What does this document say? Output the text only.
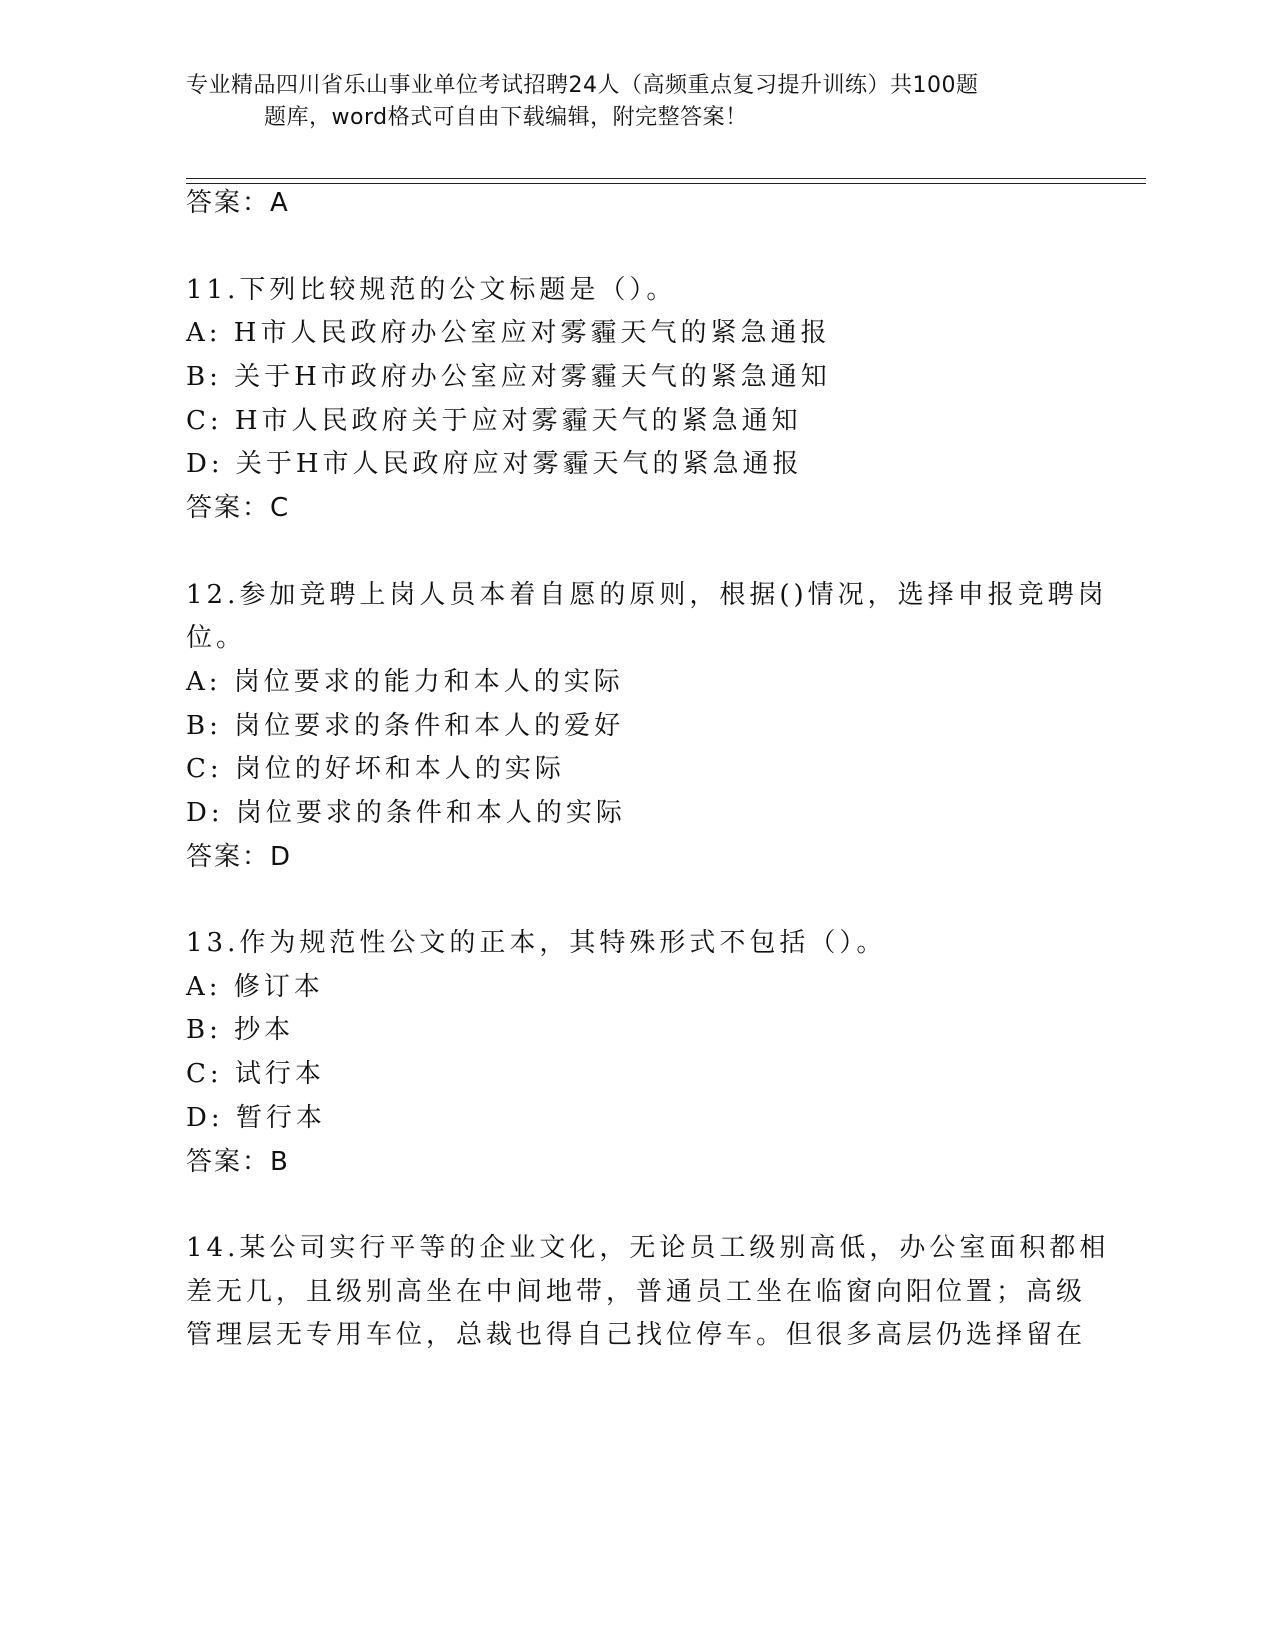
专业精品四川省乐山事业单位考试招聘24人（高频重点复习提升训练）共100题
题库，word格式可自由下载编辑，附完整答案！
答案：A
11.下列比较规范的公文标题是（）。
A: H市人民政府办公室应对雾霾天气的紧急通报
B: 关于H市政府办公室应对雾霾天气的紧急通知
C: H市人民政府关于应对雾霾天气的紧急通知
D: 关于H市人民政府应对雾霾天气的紧急通报
答案：C
12.参加竞聘上岗人员本着自愿的原则，根据()情况，选择申报竞聘岗
位。
A: 岗位要求的能力和本人的实际
B: 岗位要求的条件和本人的爱好
C: 岗位的好坏和本人的实际
D: 岗位要求的条件和本人的实际
答案：D
13.作为规范性公文的正本，其特殊形式不包括（）。
A: 修订本
B: 抄本
C: 试行本
D: 暂行本
答案：B
14.某公司实行平等的企业文化，无论员工级别高低，办公室面积都相
差无几，且级别高坐在中间地带，普通员工坐在临窗向阳位置；高级
管理层无专用车位，总裁也得自己找位停车。但很多高层仍选择留在
